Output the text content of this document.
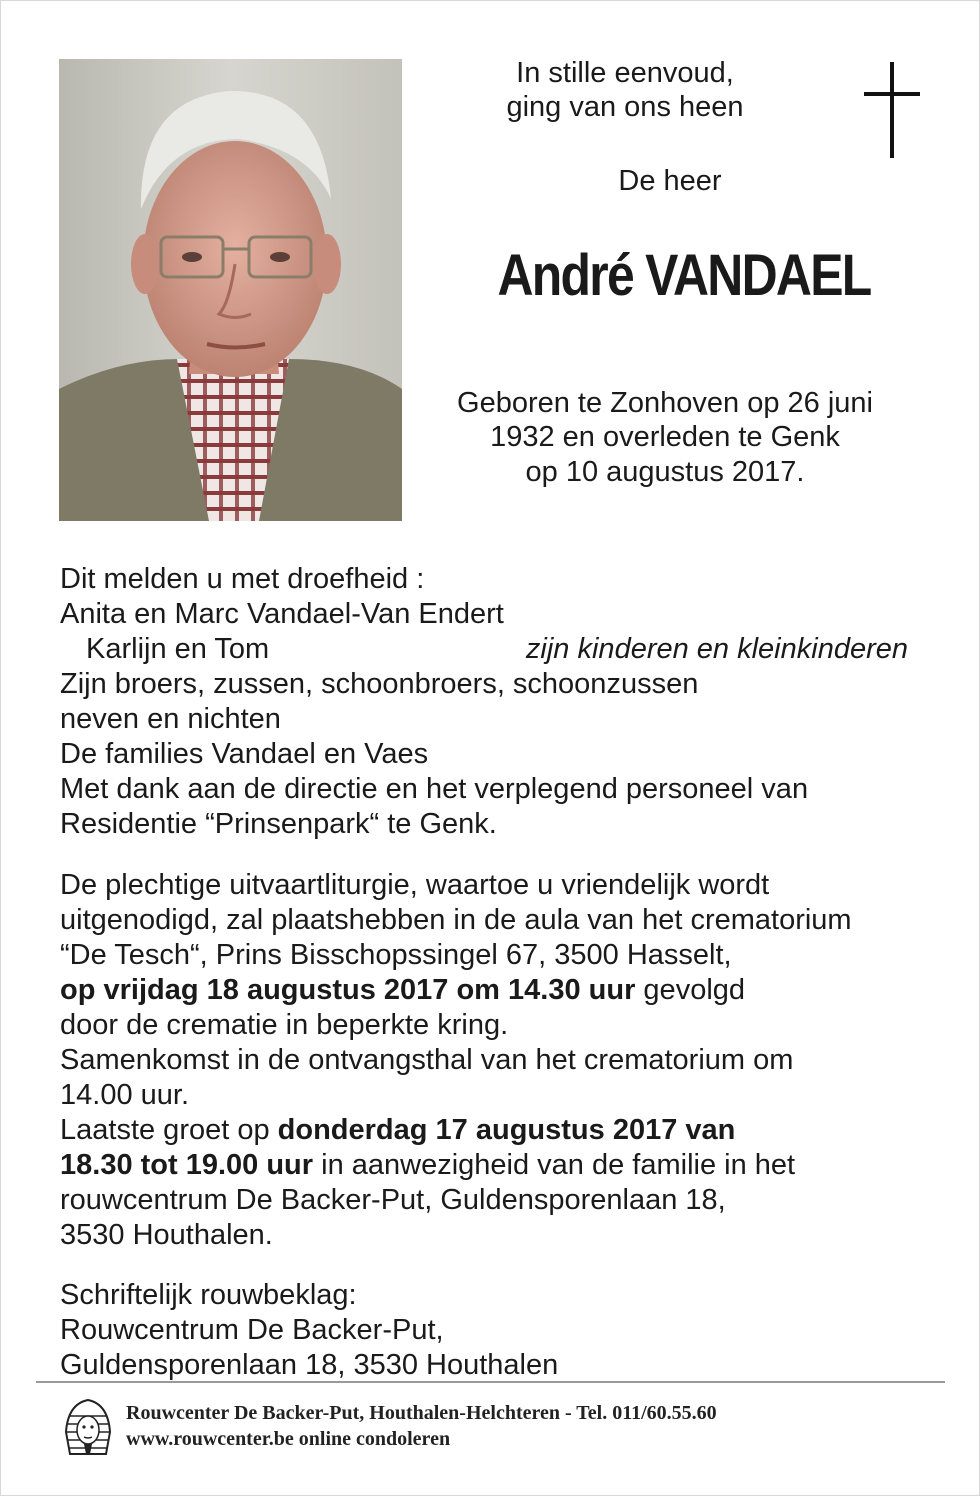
In stille eenvoud,
ging van ons heen
De heer
André VANDAEL
Geboren te Zonhoven op 26 juni
1932 en overleden te Genk
op 10 augustus 2017.
Dit melden u met droefheid :
Anita en Marc Vandael-Van Endert
Karlijn en Tom	zijn kinderen en kleinkinderen
Zijn broers, zussen, schoonbroers, schoonzussen
neven en nichten
De families Vandael en Vaes
Met dank aan de directie en het verplegend personeel van
Residentie “Prinsenpark“ te Genk.
De plechtige uitvaartliturgie, waartoe u vriendelijk wordt
uitgenodigd, zal plaatshebben in de aula van het crematorium
“De Tesch“, Prins Bisschopssingel 67, 3500 Hasselt,
op vrijdag 18 augustus 2017 om 14.30 uur gevolgd
door de crematie in beperkte kring.
Samenkomst in de ontvangsthal van het crematorium om
14.00 uur.
Laatste groet op donderdag 17 augustus 2017 van
18.30 tot 19.00 uur in aanwezigheid van de familie in het
rouwcentrum De Backer-Put, Guldensporenlaan 18,
3530 Houthalen.
Schriftelijk rouwbeklag:
Rouwcentrum De Backer-Put,
Guldensporenlaan 18, 3530 Houthalen
Rouwcenter De Backer-Put, Houthalen-Helchteren - Tel. 011/60.55.60
www.rouwcenter.be online condoleren
